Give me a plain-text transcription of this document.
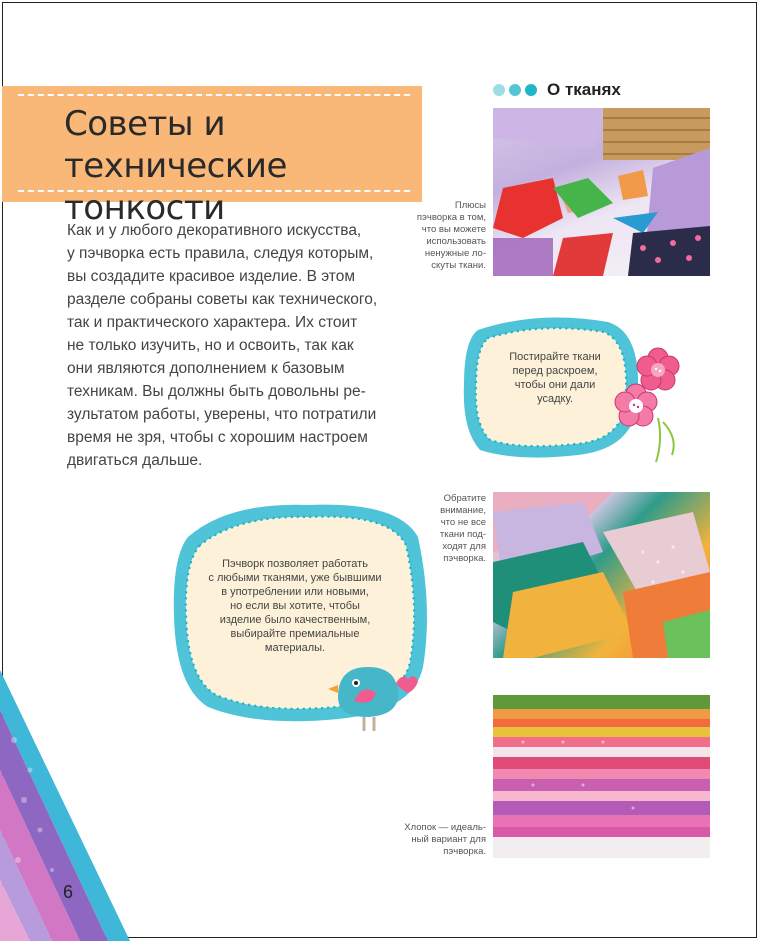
Советы и технические
тонкости
Как и у любого декоративного искусства,
у пэчворка есть правила, следуя которым,
вы создадите красивое изделие. В этом
разделе собраны советы как технического,
так и практического характера. Их стоит
не только изучить, но и освоить, так как
они являются дополнением к базовым
техникам. Вы должны быть довольны ре-
зультатом работы, уверены, что потратили
время не зря, чтобы с хорошим настроем
двигаться дальше.
О тканях
Плюсы
пэчворка в том,
что вы можете
использовать
ненужные ло-
скуты ткани.
Постирайте ткани
перед раскроем,
чтобы они дали
усадку.
Обратите
внимание,
что не все
ткани под-
ходят для
пэчворка.
Пэчворк позволяет работать
с любыми тканями, уже бывшими
в употреблении или новыми,
но если вы хотите, чтобы
изделие было качественным,
выбирайте премиальные
материалы.
Хлопок — идеаль-
ный вариант для
пэчворка.
6
